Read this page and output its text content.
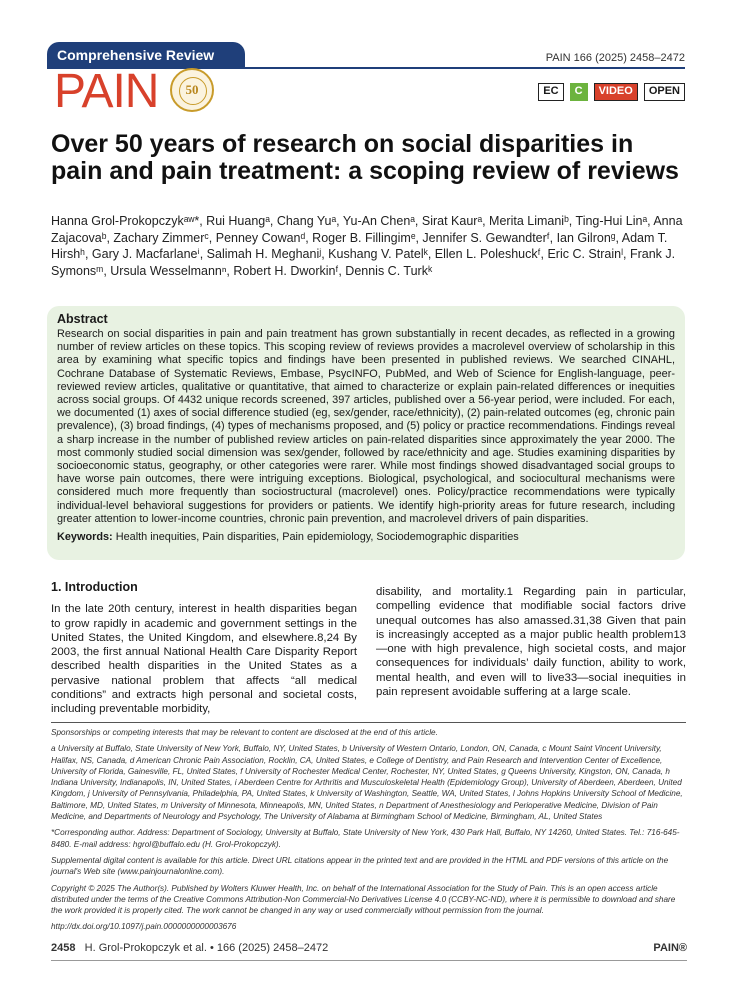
Comprehensive Review	PAIN 166 (2025) 2458–2472
PAIN	50	EC	C	VIDEO	OPEN
Over 50 years of research on social disparities in pain and pain treatment: a scoping review of reviews
Hanna Grol-Prokopczykᵃʷ*, Rui Huangᵃ, Chang Yuᵃ, Yu-An Chenᵃ, Sirat Kaurᵃ, Merita Limaniᵇ, Ting-Hui Linᵃ, Anna Zajacovaᵇ, Zachary Zimmerᶜ, Penney Cowanᵈ, Roger B. Fillingimᵉ, Jennifer S. Gewandterᶠ, Ian Gilronᵍ, Adam T. Hirshʰ, Gary J. Macfarlaneⁱ, Salimah H. Meghaniʲ, Kushang V. Patelᵏ, Ellen L. Poleshuckᶠ, Eric C. Strainˡ, Frank J. Symonsᵐ, Ursula Wesselmannⁿ, Robert H. Dworkinᶠ, Dennis C. Turkᵏ
Abstract
Research on social disparities in pain and pain treatment has grown substantially in recent decades, as reflected in a growing number of review articles on these topics. This scoping review of reviews provides a macrolevel overview of scholarship in this area by examining what specific topics and findings have been presented in published reviews. We searched CINAHL, Cochrane Database of Systematic Reviews, Embase, PsycINFO, PubMed, and Web of Science for English-language, peer-reviewed review articles, qualitative or quantitative, that aimed to characterize or explain pain-related differences or inequities across social groups. Of 4432 unique records screened, 397 articles, published over a 56-year period, were included. For each, we documented (1) axes of social difference studied (eg, sex/gender, race/ethnicity), (2) pain-related outcomes (eg, chronic pain prevalence), (3) broad findings, (4) types of mechanisms proposed, and (5) policy or practice recommendations. Findings reveal a sharp increase in the number of published review articles on pain-related disparities since approximately the year 2000. The most commonly studied social dimension was sex/gender, followed by race/ethnicity and age. Studies examining disparities by socioeconomic status, geography, or other categories were rarer. While most findings showed disadvantaged social groups to have worse pain outcomes, there were intriguing exceptions. Biological, psychological, and sociocultural mechanisms were considered much more frequently than sociostructural (macrolevel) ones. Policy/practice recommendations were typically individual-level behavioral suggestions for providers or patients. We identify high-priority areas for future research, including greater attention to lower-income countries, chronic pain prevention, and macrolevel drivers of pain disparities.
Keywords: Health inequities, Pain disparities, Pain epidemiology, Sociodemographic disparities
1. Introduction
In the late 20th century, interest in health disparities began to grow rapidly in academic and government settings in the United States, the United Kingdom, and elsewhere.8,24 By 2003, the first annual National Health Care Disparity Report described health disparities in the United States as a pervasive national problem that affects “all medical conditions” and extracts high personal and societal costs, including preventable morbidity,
disability, and mortality.1 Regarding pain in particular, compelling evidence that modifiable social factors drive unequal outcomes has also amassed.31,38 Given that pain is increasingly accepted as a major public health problem13—one with high prevalence, high societal costs, and major consequences for individuals’ daily function, ability to work, mental health, and even will to live33—social inequities in pain represent avoidable suffering at a large scale.

Sponsorships or competing interests that may be relevant to content are disclosed at the end of this article.

a University at Buffalo, State University of New York, Buffalo, NY, United States, b University of Western Ontario, London, ON, Canada, c Mount Saint Vincent University, Halifax, NS, Canada, d American Chronic Pain Association, Rocklin, CA, United States, e College of Dentistry, and Pain Research and Intervention Center of Excellence, University of Florida, Gainesville, FL, United States, f University of Rochester Medical Center, Rochester, NY, United States, g Queens University, Kingston, ON, Canada, h Indiana University, Indianapolis, IN, United States, i Aberdeen Centre for Arthritis and Musculoskeletal Health (Epidemiology Group), University of Aberdeen, Aberdeen, United Kingdom, j University of Pennsylvania, Philadelphia, PA, United States, k University of Washington, Seattle, WA, United States, l Johns Hopkins University School of Medicine, Baltimore, MD, United States, m University of Minnesota, Minneapolis, MN, United States, n Department of Anesthesiology and Perioperative Medicine, Division of Pain Medicine, and Departments of Neurology and Psychology, The University of Alabama at Birmingham School of Medicine, Birmingham, AL, United States

*Corresponding author. Address: Department of Sociology, University at Buffalo, State University of New York, 430 Park Hall, Buffalo, NY 14260, United States. Tel.: 716-645-8480. E-mail address: hgrol@buffalo.edu (H. Grol-Prokopczyk).

Supplemental digital content is available for this article. Direct URL citations appear in the printed text and are provided in the HTML and PDF versions of this article on the journal's Web site (www.painjournalonline.com).

Copyright © 2025 The Author(s). Published by Wolters Kluwer Health, Inc. on behalf of the International Association for the Study of Pain. This is an open access article distributed under the terms of the Creative Commons Attribution-Non Commercial-No Derivatives License 4.0 (CCBY-NC-ND), where it is permissible to download and share the work provided it is properly cited. The work cannot be changed in any way or used commercially without permission from the journal.

http://dx.doi.org/10.1097/j.pain.0000000000003676

2458 H. Grol-Prokopczyk et al. • 166 (2025) 2458–2472	PAIN®
